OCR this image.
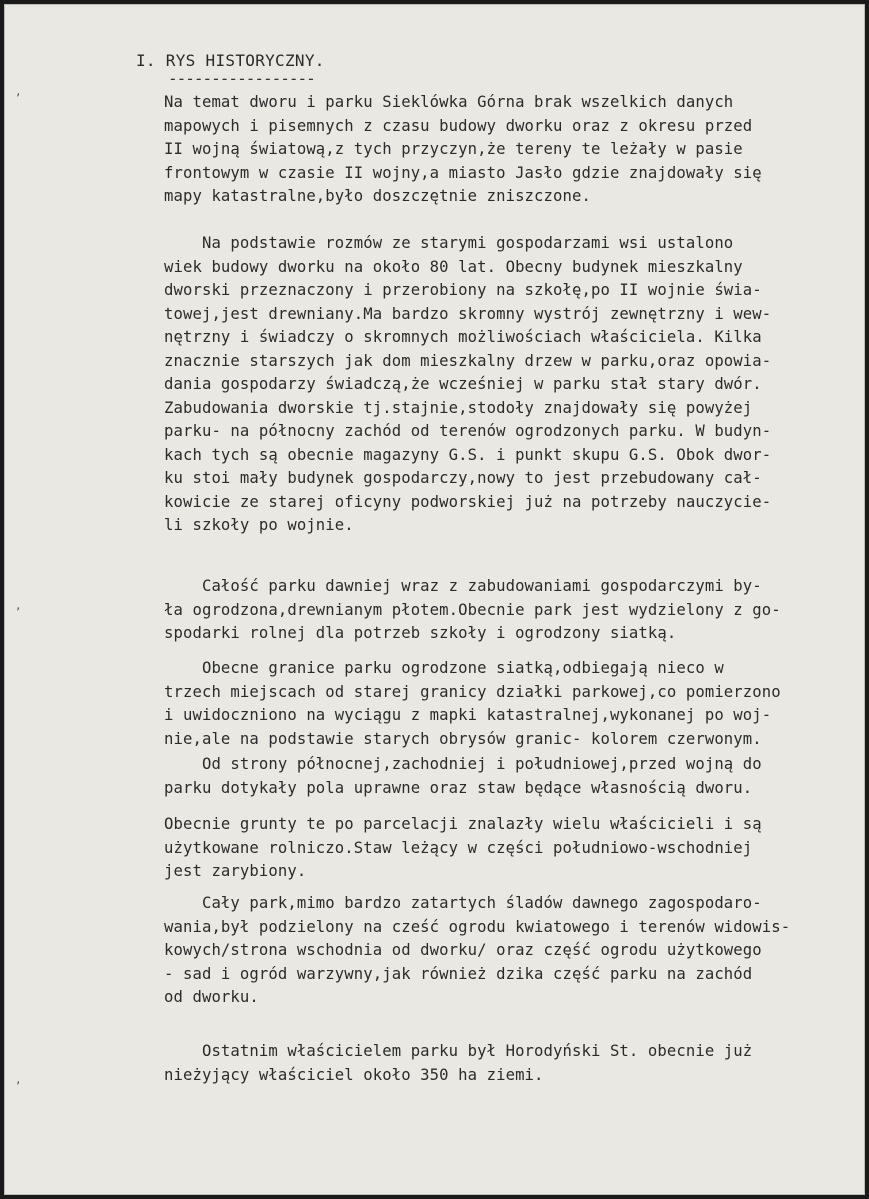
I. RYS HISTORYCZNY.
-----------------
Na temat dworu i parku Sieklówka Górna brak wszelkich danych
mapowych i pisemnych z czasu budowy dworku oraz z okresu przed
II wojną światową,z tych przyczyn,że tereny te leżały w pasie
frontowym w czasie II wojny,a miasto Jasło gdzie znajdowały się
mapy katastralne,było doszczętnie zniszczone.
Na podstawie rozmów ze starymi gospodarzami wsi ustalono
wiek budowy dworku na około 80 lat. Obecny budynek mieszkalny
dworski przeznaczony i przerobiony na szkołę,po II wojnie świa-
towej,jest drewniany.Ma bardzo skromny wystrój zewnętrzny i wew-
nętrzny i świadczy o skromnych możliwościach właściciela. Kilka
znacznie starszych jak dom mieszkalny drzew w parku,oraz opowia-
dania gospodarzy świadczą,że wcześniej w parku stał stary dwór.
Zabudowania dworskie tj.stajnie,stodoły znajdowały się powyżej
parku- na północny zachód od terenów ogrodzonych parku. W budyn-
kach tych są obecnie magazyny G.S. i punkt skupu G.S. Obok dwor-
ku stoi mały budynek gospodarczy,nowy to jest przebudowany cał-
kowicie ze starej oficyny podworskiej już na potrzeby nauczycie-
li szkoły po wojnie.
Całość parku dawniej wraz z zabudowaniami gospodarczymi by-
ła ogrodzona,drewnianym płotem.Obecnie park jest wydzielony z go-
spodarki rolnej dla potrzeb szkoły i ogrodzony siatką.
Obecne granice parku ogrodzone siatką,odbiegają nieco w
trzech miejscach od starej granicy działki parkowej,co pomierzono
i uwidoczniono na wyciągu z mapki katastralnej,wykonanej po woj-
nie,ale na podstawie starych obrysów granic- kolorem czerwonym.
Od strony północnej,zachodniej i południowej,przed wojną do
parku dotykały pola uprawne oraz staw będące własnością dworu.
Obecnie grunty te po parcelacji znalazły wielu właścicieli i są
użytkowane rolniczo.Staw leżący w części południowo-wschodniej
jest zarybiony.
Cały park,mimo bardzo zatartych śladów dawnego zagospodaro-
wania,był podzielony na cześć ogrodu kwiatowego i terenów widowis-
kowych/strona wschodnia od dworku/ oraz część ogrodu użytkowego
- sad i ogród warzywny,jak również dzika część parku na zachód
od dworku.
Ostatnim właścicielem parku był Horodyński St. obecnie już
nieżyjący właściciel około 350 ha ziemi.
‚
‚
‚
